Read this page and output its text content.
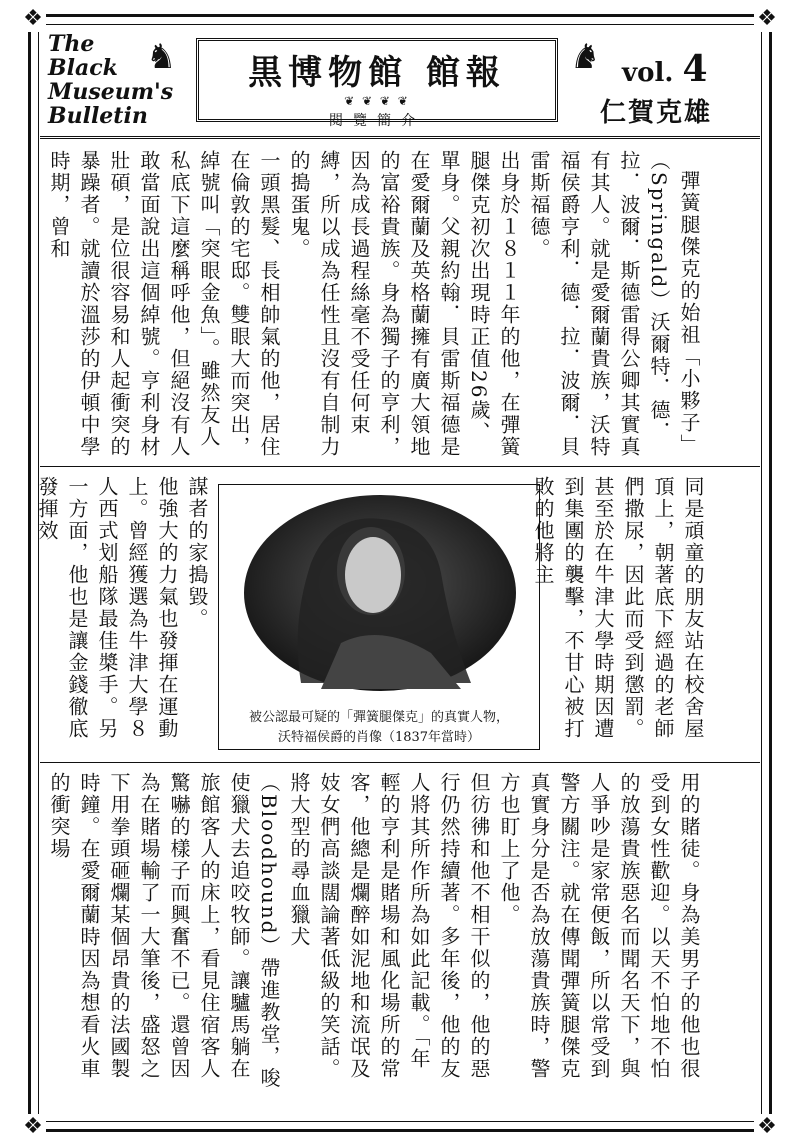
❖	❖
❖	❖
The
Black
Museum's
Bulletin
♞	♞
黒博物館 館報
❦ ❦ ❦ ❦
閱覽簡介
vol. 4
仁賀克雄

彈簧腿傑克的始祖「小夥子」（Springald）沃爾特．德．拉．波爾．斯德雷得公卿其實真有其人。就是愛爾蘭貴族，沃特福侯爵亨利．德．拉．波爾．貝雷斯福德。
出身於１８１１年的他，在彈簧腿傑克初次出現時正值26歲、單身。父親約翰．貝雷斯福德是在愛爾蘭及英格蘭擁有廣大領地的富裕貴族。身為獨子的亨利，因為成長過程絲毫不受任何束縛，所以成為任性且沒有自制力的搗蛋鬼。
一頭黑髮、長相帥氣的他，居住在倫敦的宅邸。雙眼大而突出，綽號叫「突眼金魚」。雖然友人私底下這麼稱呼他，但絕沒有人敢當面說出這個綽號。亨利身材壯碩，是位很容易和人起衝突的暴躁者。就讀於溫莎的伊頓中學時期，曾和

同是頑童的朋友站在校舍屋頂上，朝著底下經過的老師們撒尿，因此而受到懲罰。甚至於在牛津大學時期因遭到集團的襲擊，不甘心被打敗的他將主

被公認最可疑的「彈簧腿傑克」的真實人物，
沃特福侯爵的肖像（1837年當時）

謀者的家搗毀。
他強大的力氣也發揮在運動上。曾經獲選為牛津大學８人西式划船隊最佳槳手。另一方面，他也是讓金錢徹底發揮效

用的賭徒。身為美男子的他也很受到女性歡迎。以天不怕地不怕的放蕩貴族惡名而聞名天下，與人爭吵是家常便飯，所以常受到警方關注。就在傳聞彈簧腿傑克真實身分是否為放蕩貴族時，警方也盯上了他。
但彷彿和他不相干似的，他的惡行仍然持續著。多年後，他的友人將其所作所為如此記載。「年輕的亨利是賭場和風化場所的常客，他總是爛醉如泥地和流氓及妓女們高談闊論著低級的笑話。將大型的尋血獵犬（Bloodhound）帶進教堂，唆使獵犬去追咬牧師。讓驢馬躺在旅館客人的床上，看見住宿客人驚嚇的樣子而興奮不已。還曾因為在賭場輸了一大筆後，盛怒之下用拳頭砸爛某個昂貴的法國製時鐘。在愛爾蘭時因為想看火車的衝突場
